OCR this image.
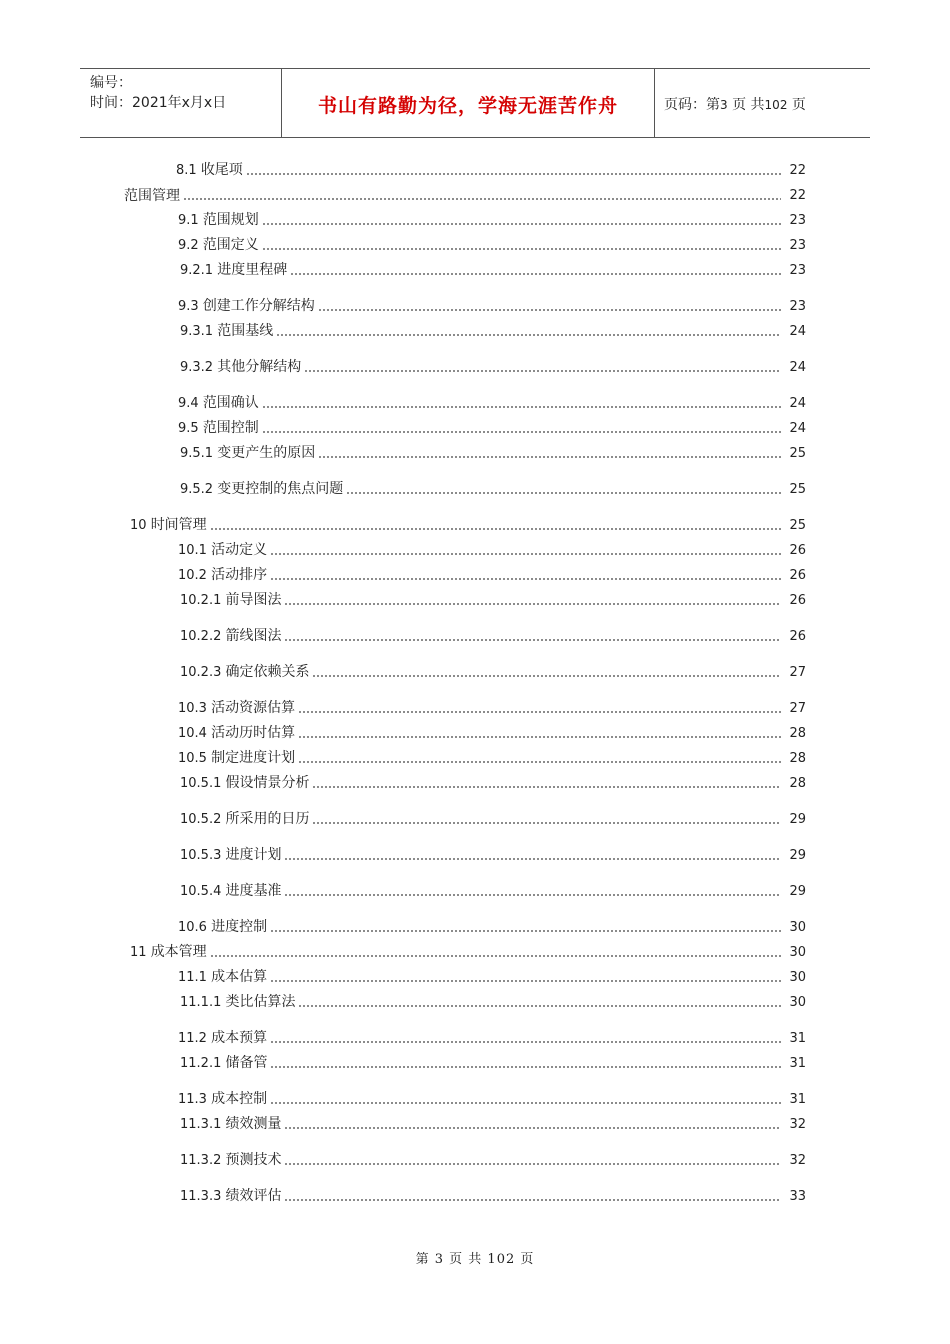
编号：
时间：2021年x月x日	书山有路勤为径，学海无涯苦作舟	页码：第3 页 共102 页
8.1 收尾项	22
范围管理	22
9.1 范围规划	23
9.2 范围定义	23
9.2.1 进度里程碑	23
9.3 创建工作分解结构	23
9.3.1 范围基线	24
9.3.2 其他分解结构	24
9.4 范围确认	24
9.5 范围控制	24
9.5.1 变更产生的原因	25
9.5.2 变更控制的焦点问题	25
10 时间管理	25
10.1 活动定义	26
10.2 活动排序	26
10.2.1 前导图法	26
10.2.2 箭线图法	26
10.2.3 确定依赖关系	27
10.3 活动资源估算	27
10.4 活动历时估算	28
10.5 制定进度计划	28
10.5.1 假设情景分析	28
10.5.2 所采用的日历	29
10.5.3 进度计划	29
10.5.4 进度基准	29
10.6 进度控制	30
11 成本管理	30
11.1 成本估算	30
11.1.1 类比估算法	30
11.2 成本预算	31
11.2.1 储备管	31
11.3 成本控制	31
11.3.1 绩效测量	32
11.3.2 预测技术	32
11.3.3 绩效评估	33
第 3 页 共 102 页
